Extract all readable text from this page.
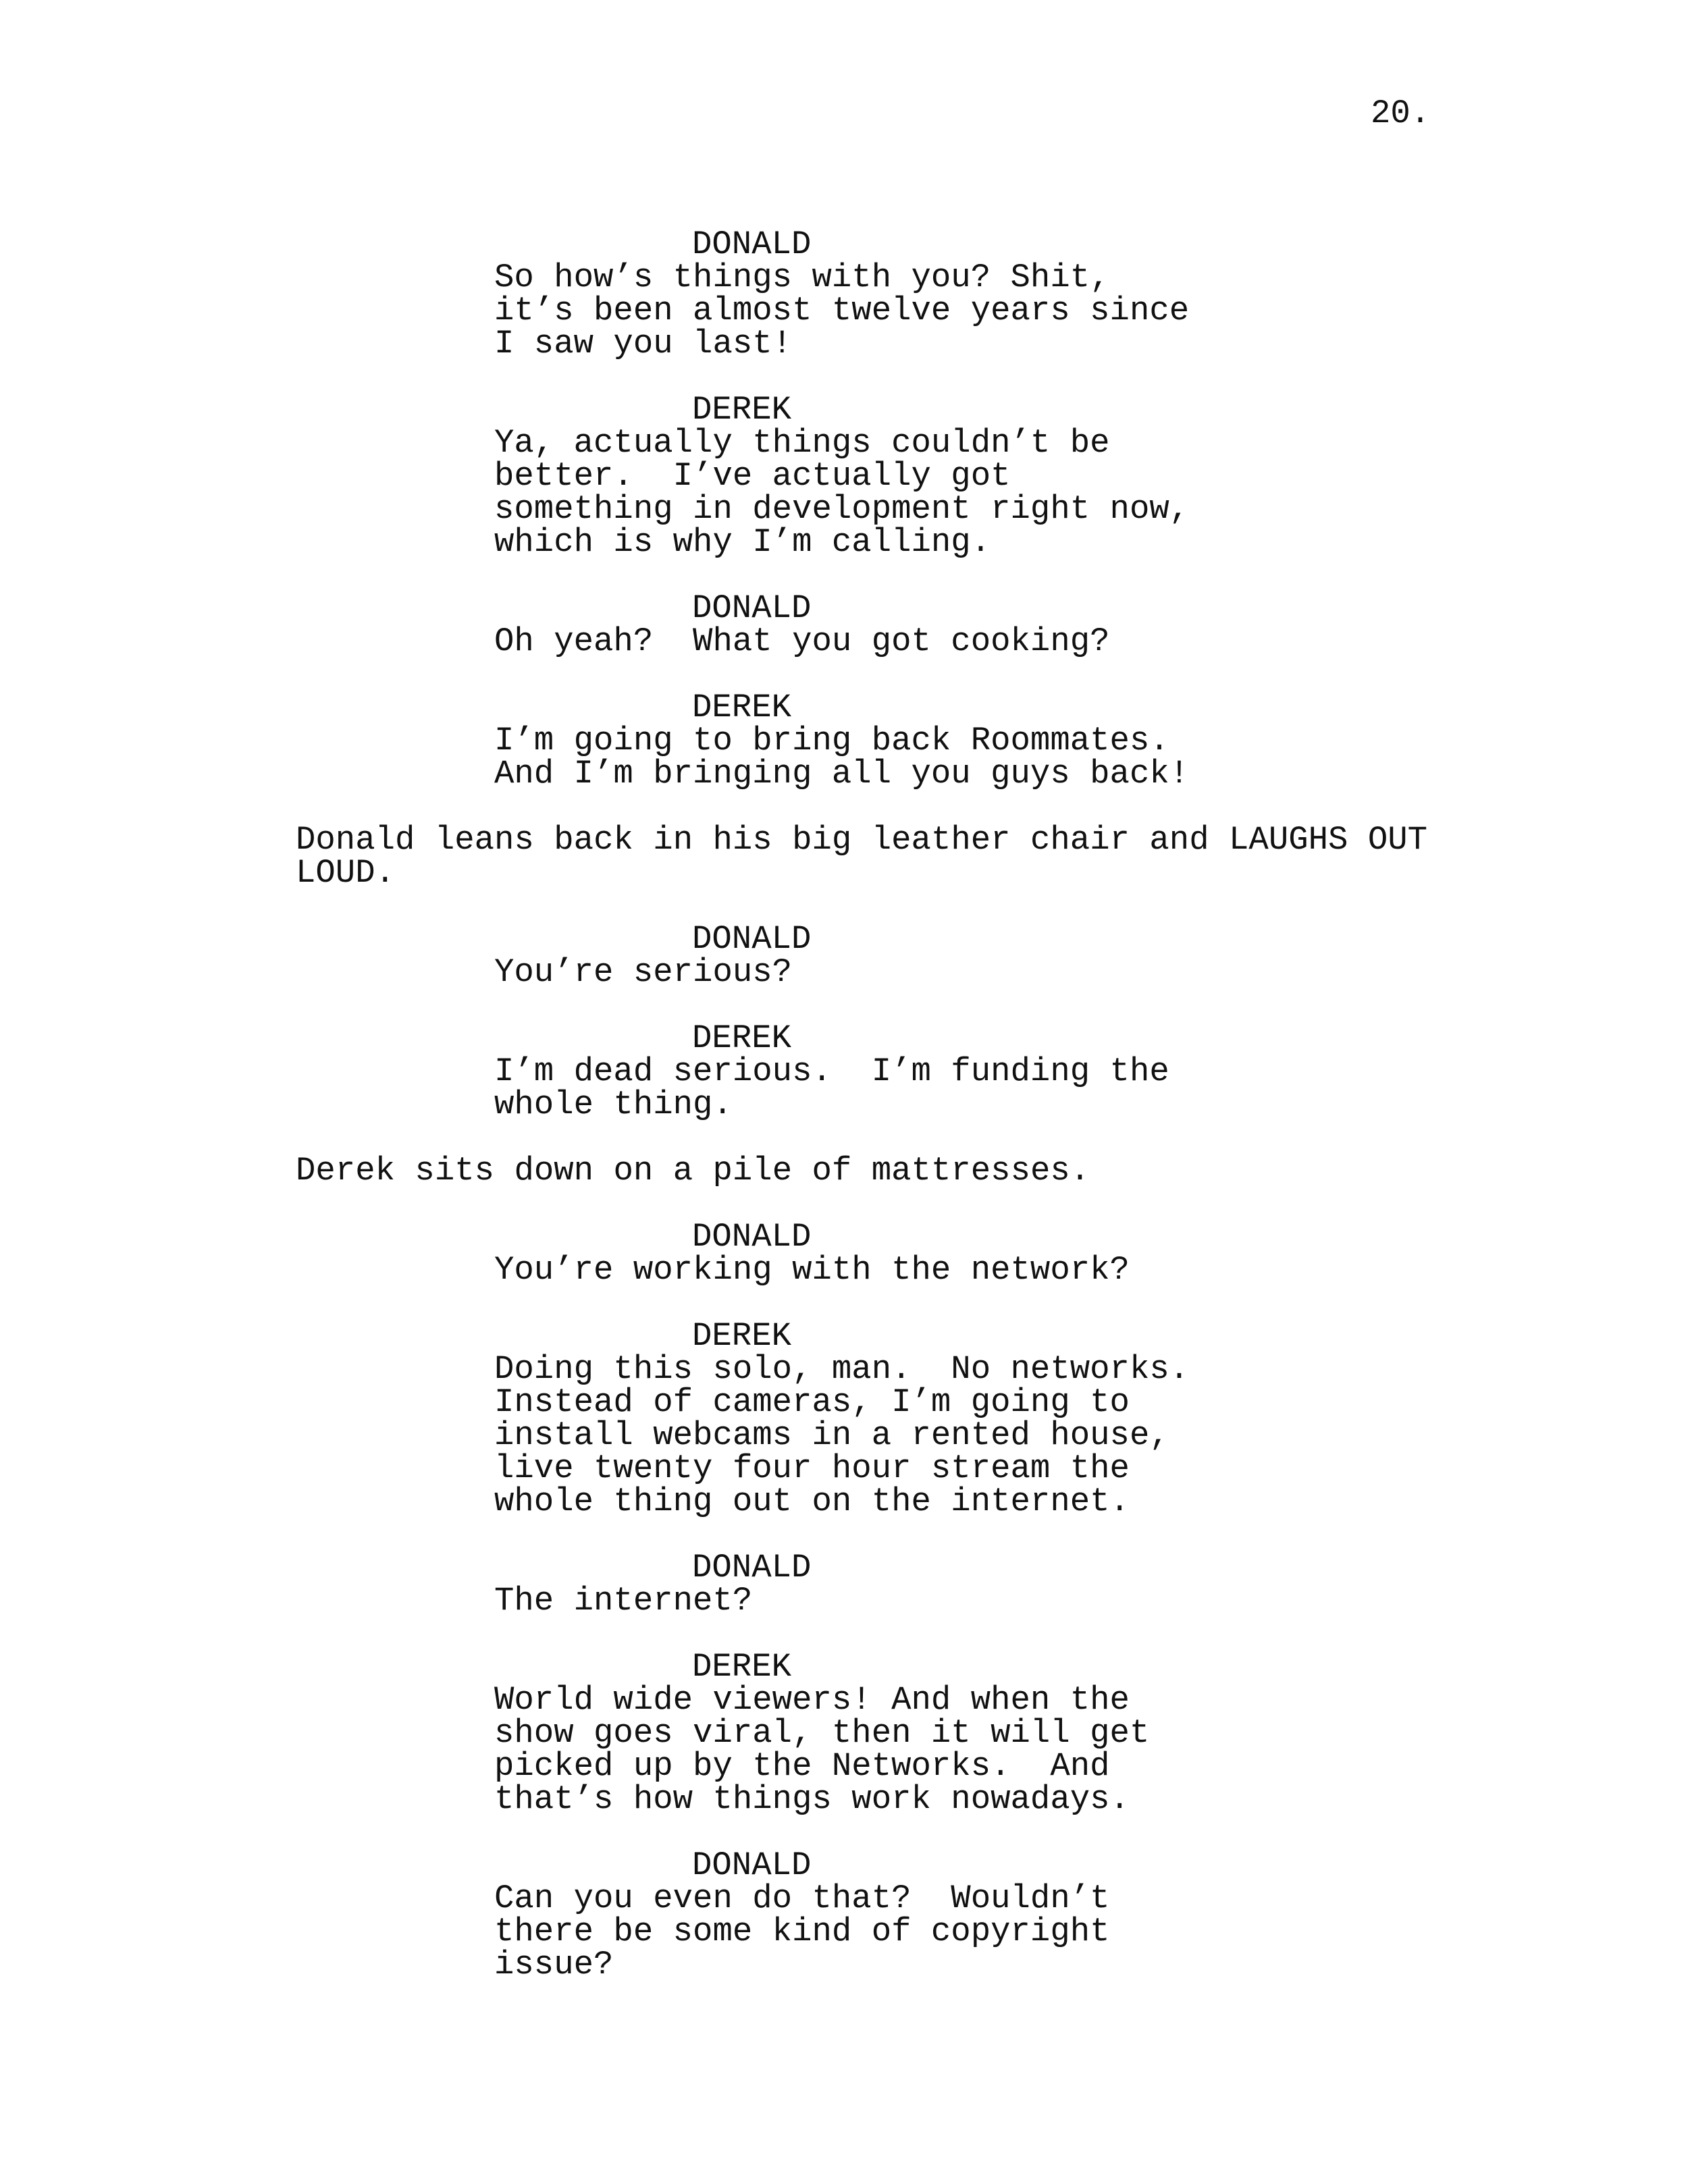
20.
DONALD
So how’s things with you? Shit,
it’s been almost twelve years since
I saw you last!
DEREK
Ya, actually things couldn’t be
better.  I’ve actually got
something in development right now,
which is why I’m calling.
DONALD
Oh yeah?  What you got cooking?
DEREK
I’m going to bring back Roommates.
And I’m bringing all you guys back!
Donald leans back in his big leather chair and LAUGHS OUT
LOUD.
DONALD
You’re serious?
DEREK
I’m dead serious.  I’m funding the
whole thing.
Derek sits down on a pile of mattresses.
DONALD
You’re working with the network?
DEREK
Doing this solo, man.  No networks.
Instead of cameras, I’m going to
install webcams in a rented house,
live twenty four hour stream the
whole thing out on the internet.
DONALD
The internet?
DEREK
World wide viewers! And when the
show goes viral, then it will get
picked up by the Networks.  And
that’s how things work nowadays.
DONALD
Can you even do that?  Wouldn’t
there be some kind of copyright
issue?
